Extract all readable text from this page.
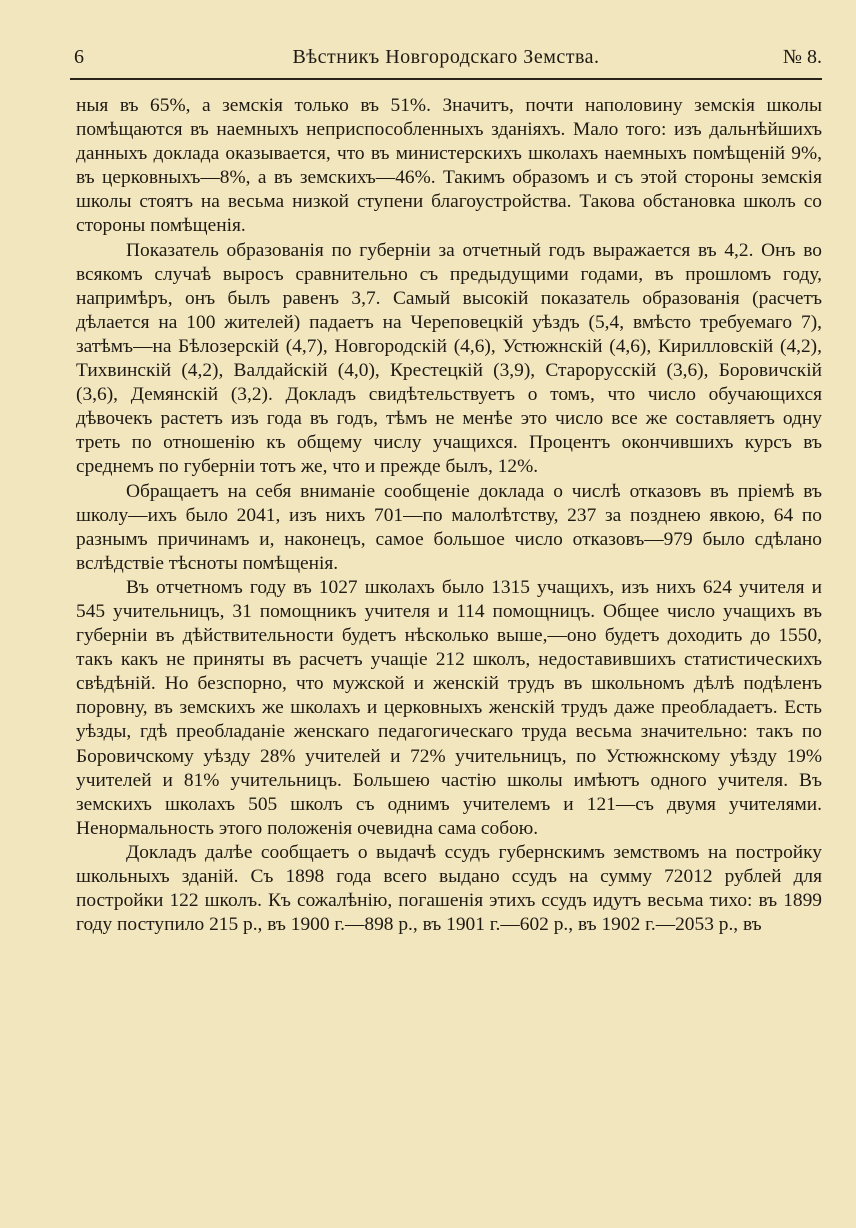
6	Вѣстникъ Новгородскаго Земства.	№ 8.

ныя въ 65%, а земскія только въ 51%. Значитъ, почти наполовину земскія школы помѣщаются въ наемныхъ неприспособленныхъ зданіяхъ. Мало того: изъ дальнѣйшихъ данныхъ доклада оказывается, что въ министерскихъ школахъ наемныхъ помѣщеній 9%, въ церковныхъ—8%, а въ земскихъ—46%. Такимъ образомъ и съ этой стороны земскія школы стоятъ на весьма низкой ступени благоустройства. Такова обстановка школъ со стороны помѣщенія.

Показатель образованія по губерніи за отчетный годъ выражается въ 4,2. Онъ во всякомъ случаѣ выросъ сравнительно съ предыдущими годами, въ прошломъ году, напримѣръ, онъ былъ равенъ 3,7. Самый высокій показатель образованія (расчетъ дѣлается на 100 жителей) падаетъ на Череповецкій уѣздъ (5,4, вмѣсто требуемаго 7), затѣмъ—на Бѣлозерскій (4,7), Новгородскій (4,6), Устюжнскій (4,6), Кирилловскій (4,2), Тихвинскій (4,2), Валдайскій (4,0), Крестецкій (3,9), Старорусскій (3,6), Боровичскій (3,6), Демянскій (3,2). Докладъ свидѣтельствуетъ о томъ, что число обучающихся дѣвочекъ растетъ изъ года въ годъ, тѣмъ не менѣе это число все же составляетъ одну треть по отношенію къ общему числу учащихся. Процентъ окончившихъ курсъ въ среднемъ по губерніи тотъ же, что и прежде былъ, 12%.

Обращаетъ на себя вниманіе сообщеніе доклада о числѣ отказовъ въ пріемѣ въ школу—ихъ было 2041, изъ нихъ 701—по малолѣтству, 237 за позднею явкою, 64 по разнымъ причинамъ и, наконецъ, самое большое число отказовъ—979 было сдѣлано вслѣдствіе тѣсноты помѣщенія.

Въ отчетномъ году въ 1027 школахъ было 1315 учащихъ, изъ нихъ 624 учителя и 545 учительницъ, 31 помощникъ учителя и 114 помощницъ. Общее число учащихъ въ губерніи въ дѣйствительности будетъ нѣсколько выше,—оно будетъ доходить до 1550, такъ какъ не приняты въ расчетъ учащіе 212 школъ, недоставившихъ статистическихъ свѣдѣній. Но безспорно, что мужской и женскій трудъ въ школьномъ дѣлѣ подѣленъ поровну, въ земскихъ же школахъ и церковныхъ женскій трудъ даже преобладаетъ. Есть уѣзды, гдѣ преобладаніе женскаго педагогическаго труда весьма значительно: такъ по Боровичскому уѣзду 28% учителей и 72% учительницъ, по Устюжнскому уѣзду 19% учителей и 81% учительницъ. Большею частію школы имѣютъ одного учителя. Въ земскихъ школахъ 505 школъ съ однимъ учителемъ и 121—съ двумя учителями. Ненормальность этого положенія очевидна сама собою.

Докладъ далѣе сообщаетъ о выдачѣ ссудъ губернскимъ земствомъ на постройку школьныхъ зданій. Съ 1898 года всего выдано ссудъ на сумму 72012 рублей для постройки 122 школъ. Къ сожалѣнію, погашенія этихъ ссудъ идутъ весьма тихо: въ 1899 году поступило 215 р., въ 1900 г.—898 р., въ 1901 г.—602 р., въ 1902 г.—2053 р., въ
